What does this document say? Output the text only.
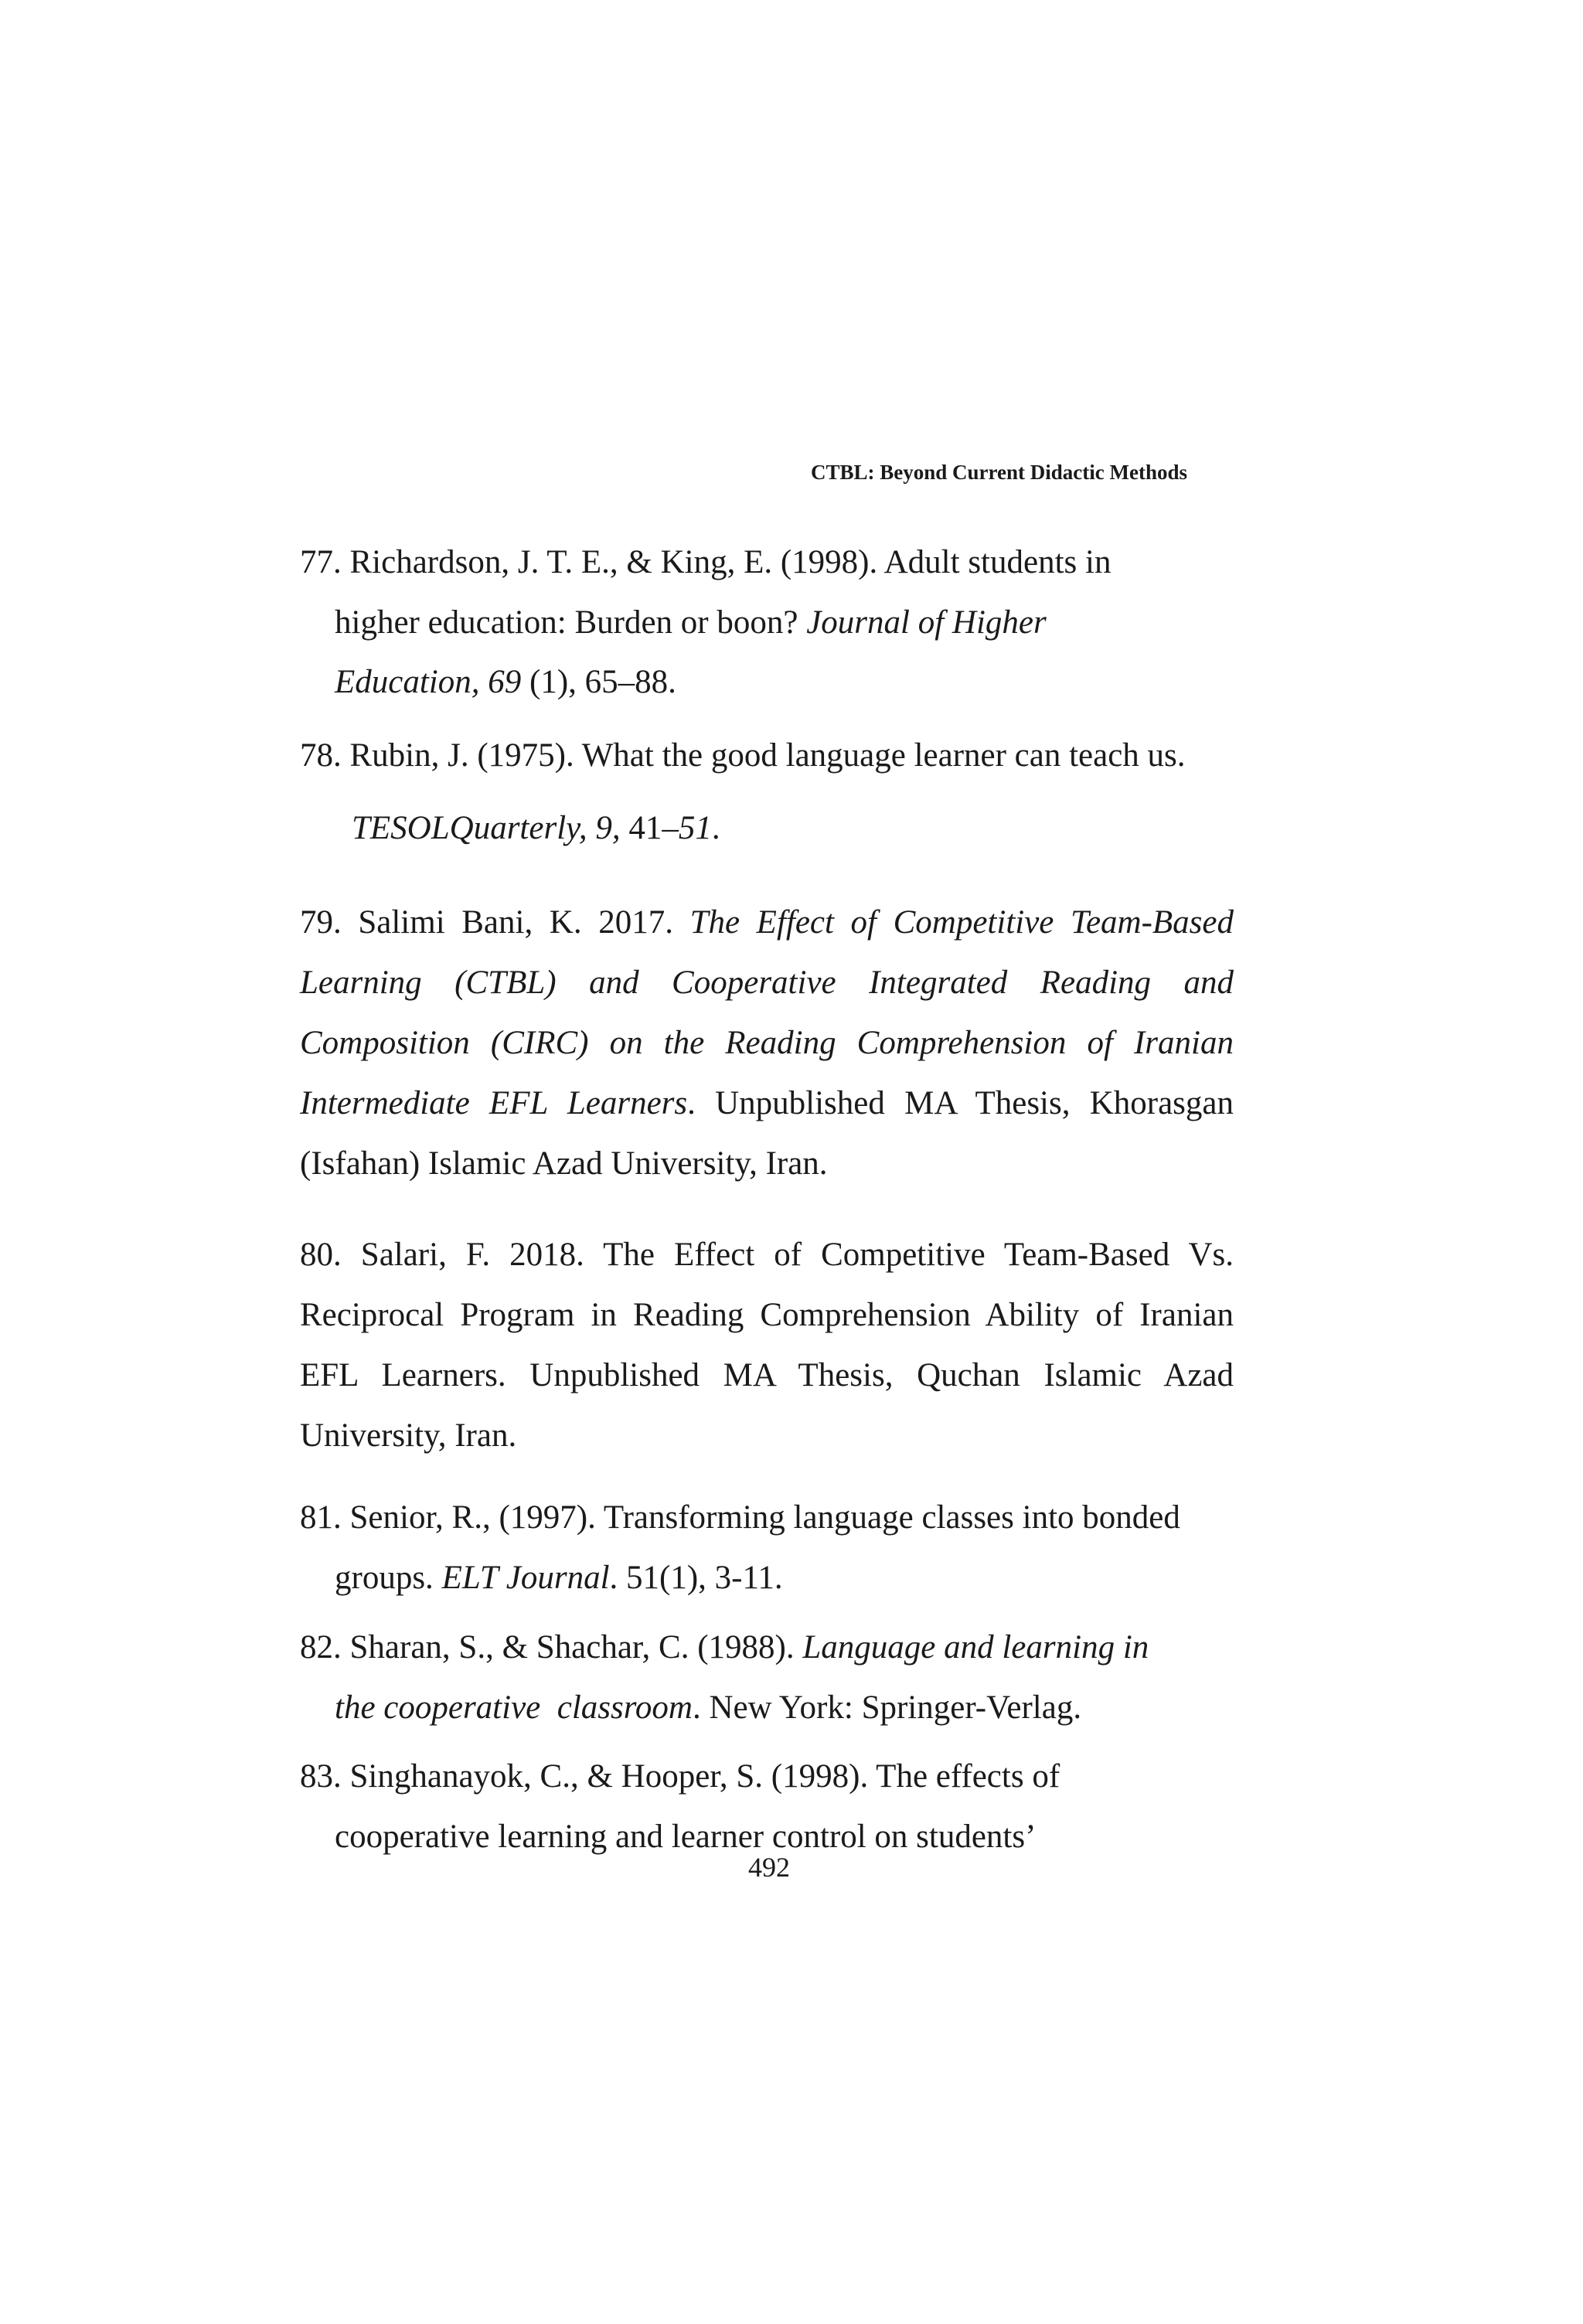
CTBL: Beyond Current Didactic Methods
77. Richardson, J. T. E., & King, E. (1998). Adult students in
higher education: Burden or boon? Journal of Higher
Education, 69 (1), 65–88.
78. Rubin, J. (1975). What the good language learner can teach us.
TESOLQuarterly, 9, 41–51.
79. Salimi Bani, K. 2017. The Effect of Competitive Team-Based
Learning (CTBL) and Cooperative Integrated Reading and
Composition (CIRC) on the Reading Comprehension of Iranian
Intermediate EFL Learners. Unpublished MA Thesis, Khorasgan
(Isfahan) Islamic Azad University, Iran.
80. Salari, F. 2018. The Effect of Competitive Team-Based Vs.
Reciprocal Program in Reading Comprehension Ability of Iranian
EFL Learners. Unpublished MA Thesis, Quchan Islamic Azad
University, Iran.
81. Senior, R., (1997). Transforming language classes into bonded
groups. ELT Journal. 51(1), 3-11.
82. Sharan, S., & Shachar, C. (1988). Language and learning in
the cooperative  classroom. New York: Springer-Verlag.
83. Singhanayok, C., & Hooper, S. (1998). The effects of
cooperative learning and learner control on students’
492
